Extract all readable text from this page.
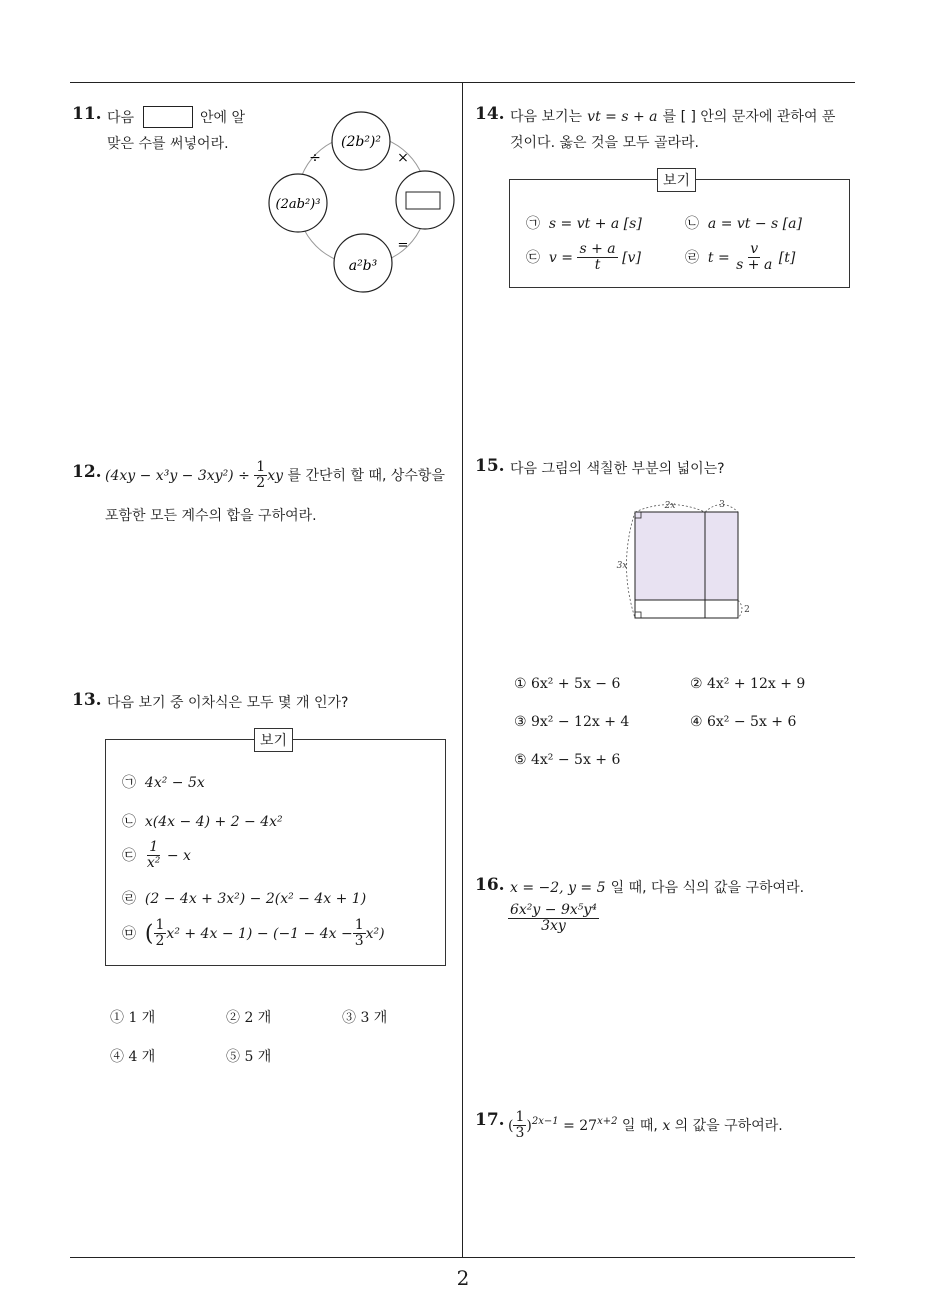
11. 다음	안에 알
맞은 수를 써넣어라.	(2b²)²
(2ab²)³
a²b³
÷	×
=
12. $(4xy - x^3y - 3xy^2) \div \frac{1}{2}$ xy 를 간단히 할 때, 상수항을
포함한 모든 계수의 합을 구하여라.
13. 다음 보기 중 이차식은 모두 몇 개 인가?
보기
㉠ 4x² − 5x
㉡ x(4x − 4) + 2 − 4x²
㉢ $\frac{1}{\text{x²}} - x$
㉣ (2 − 4x + 3x²) − 2(x² − 4x + 1)
㉤ ( $\frac{1}{2} x^2 + 4x - 1) - (-1 - 4x - \frac{1}{3} x^2)$
① 1 개	② 2 개	③ 3 개
④ 4 개	⑤ 5 개
14. 다음 보기는 vt = s + a 를 [ ] 안의 문자에 관하여 푼
것이다. 옳은 것을 모두 골라라.
보기
㉠ s = vt + a [s]	㉡ a = vt − s [a]
㉢ $v = \frac{s + a}{t} [v]$	㉣ $t = \frac{v}{s + a} [t]$
15. 다음 그림의 색칠한 부분의 넓이는?
2x	3
3x
2
① 6x² + 5x − 6	② 4x² + 12x + 9
③ 9x² − 12x + 4	④ 6x² − 5x + 6
⑤ 4x² − 5x + 6
16. x = −2, y = 5 일 때, 다음 식의 값을 구하여라.
$\frac{\text{6x²y − 9x⁵y⁴}}{3xy}$
17. ( $\frac{1}{3} )^{2x-1} = 27^{x+2}$ 일 때, x 의 값을 구하여라.
2
